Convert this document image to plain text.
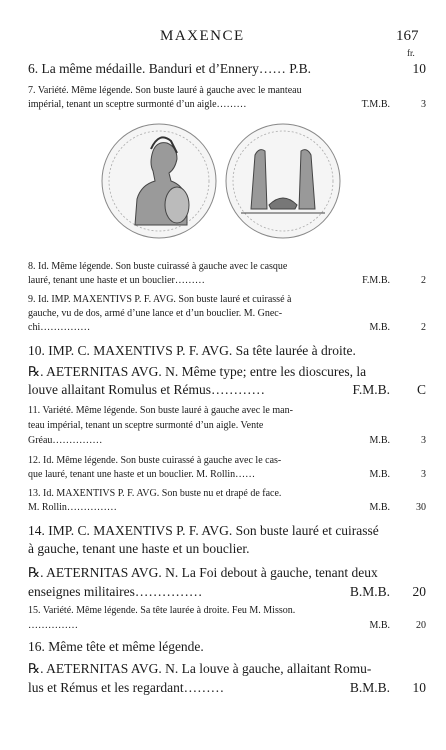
MAXENCE	167
fr.
6. La même médaille. Banduri et d’Ennery…… P.B.	10
7. Variété. Même légende. Son buste lauré à gauche avec le manteau
impérial, tenant un sceptre surmonté d’un aigle………	T.M.B.	3
8. Id. Même légende. Son buste cuirassé à gauche avec le casque
lauré, tenant une haste et un bouclier………	F.M.B.	2
9. Id. IMP. MAXENTIVS P. F. AVG. Son buste lauré et cuirassé à
gauche, vu de dos, armé d’une lance et d’un bouclier. M. Gnec-
chi……………	M.B.	2
10. IMP. C. MAXENTIVS P. F. AVG. Sa tête laurée à droite.
℞. AETERNITAS AVG. N. Même type; entre les dioscures, la
louve allaitant Romulus et Rémus…………	F.M.B. C
11. Variété. Même légende. Son buste lauré à gauche avec le man-
teau impérial, tenant un sceptre surmonté d’un aigle. Vente
Gréau……………	M.B.	3
12. Id. Même légende. Son buste cuirassé à gauche avec le cas-
que lauré, tenant une haste et un bouclier. M. Rollin……	M.B.	3
13. Id. MAXENTIVS P. F. AVG. Son buste nu et drapé de face.
M. Rollin……………	M.B.	30
14. IMP. C. MAXENTIVS P. F. AVG. Son buste lauré et cuirassé
à gauche, tenant une haste et un bouclier.
℞. AETERNITAS AVG. N. La Foi debout à gauche, tenant deux
enseignes militaires……………	B.M.B. 20
15. Variété. Même légende. Sa tête laurée à droite. Feu M. Misson.
……………	M.B.	20
16. Même tête et même légende.
℞. AETERNITAS AVG. N. La louve à gauche, allaitant Romu-
lus et Rémus et les regardant………	B.M.B. 10
